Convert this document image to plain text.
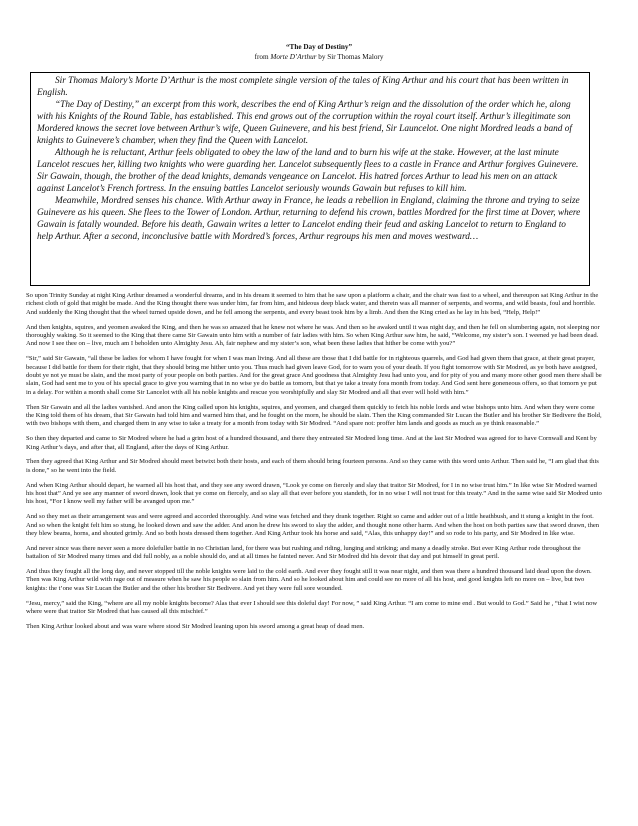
“The Day of Destiny”
from Morte D’Arthur by Sir Thomas Malory

Sir Thomas Malory’s Morte D’Arthur is the most complete single version of the tales of King Arthur and his court that has been written in English.

“The Day of Destiny,” an excerpt from this work, describes the end of King Arthur’s reign and the dissolution of the order which he, along with his Knights of the Round Table, has established. This end grows out of the corruption within the royal court itself. Arthur’s illegitimate son Mordered knows the secret love between Arthur’s wife, Queen Guinevere, and his best friend, Sir Launcelot. One night Mordred leads a band of knights to Guinevere’s chamber, when they find the Queen with Lancelot.

Although he is reluctant, Arthur feels obligated to obey the law of the land and to burn his wife at the stake. However, at the last minute Lancelot rescues her, killing two knights who were guarding her. Lancelot subsequently flees to a castle in France and Arthur forgives Guinevere. Sir Gawain, though, the brother of the dead knights, demands vengeance on Lancelot. His hatred forces Arthur to lead his men on an attack against Lancelot’s French fortress. In the ensuing battles Lancelot seriously wounds Gawain but refuses to kill him.

Meanwhile, Mordred senses his chance. With Arthur away in France, he leads a rebellion in England, claiming the throne and trying to seize Guinevere as his queen. She flees to the Tower of London. Arthur, returning to defend his crown, battles Mordred for the first time at Dover, where Gawain is fatally wounded. Before his death, Gawain writes a letter to Lancelot ending their feud and asking Lancelot to return to England to help Arthur. After a second, inconclusive battle with Mordred’s forces, Arthur regroups his men and moves westward…

So upon Trinity Sunday at night King Arthur dreamed a wonderful dreams, and in his dream it seemed to him that he saw upon a platform a chair, and the chair was fast to a wheel, and thereupon sat King Arthur in the richest cloth of gold that might be made. And the King thought there was under him, far from him, and hideous deep black water, and therein was all manner of serpents, and worms, and wild beasts, foul and horrible. And suddenly the King thought that the wheel turned upside down, and he fell among the serpents, and every beast took him by a limb. And then the King cried as he lay in his bed, “Help, Help!”

And then knights, squires, and yeomen awaked the King, and then he was so amazed that he knew not where he was. And then so he awaked until it was night day, and then he fell on slumbering again, not sleeping nor thoroughly waking. So it seemed to the King that there came Sir Gawain unto him with a number of fair ladies with him. So when King Arthur saw him, he said, “Welcome, my sister’s son. I weened ye had been dead. And now I see thee on – live, much am I beholden unto Almighty Jesu. Ah, fair nephew and my sister’s son, what been these ladies that hither be come with you?”

“Sir,” said Sir Gawain, “all these be ladies for whom I have fought for when I was man living. And all these are those that I did battle for in righteous quarrels, and God had given them that grace, at their great prayer, because I did battle for them for their right, that they should bring me hither unto you. Thus much had given leave God, for to warn you of your death. If you fight tomorrow with Sir Modred, as ye both have assigned, doubt ye not ye must be slain, and the most party of your people on both parties. And for the great grace And goodness that Almighty Jesu had unto you, and for pity of you and many more other good men there shall be slain, God had sent me to you of his special grace to give you warning that in no wise ye do battle as tomorn, but that ye take a treaty fora month from today. And God sent here goneneous offers, so that tomorn ye put in a delay. For within a month shall come Sir Lancelot with all his noble knights and rescue you worshipfully and slay Sir Modred and all that ever will hold with him.”

Then Sir Gawain and all the ladies vanished. And anon the King called upon his knights, squires, and yeomen, and charged them quickly to fetch his noble lords and wise bishops unto him. And when they were come the King told them of his dream, that Sir Gawain had told him and warned him that, and he fought on the morn, he should be slain. Then the King commanded Sir Lucan the Butler and his brother Sir Bedivere the Bold, with two bishops with them, and charged them in any wise to take a treaty for a month from today with Sir Modred. “And spare not: proffer him lands and goods as much as ye think reasonable.”

So then they departed and came to Sir Modred where he had a grim host of a hundred thousand, and there they entreated Sir Modred long time. And at the last Sir Modred was agreed for to have Cornwall and Kent by King Arthur’s days, and after that, all England, after the days of King Arthur.

Then they agreed that King Arthur and Sir Modred should meet betwixt both their hosts, and each of them should bring fourteen persons. And so they came with this word unto Arthur. Then said he, “I am glad that this is done,” so he went into the field.

And when King Arthur should depart, he warned all his host that, and they see any sword drawn, “Look ye come on fiercely and slay that traitor Sir Modred, for I in no wise trust him.” In like wise Sir Modred warned his host that” And ye see any manner of sword drawn, look that ye come on fiercely, and so slay all that ever before you standeth, for in no wise I will not trust for this treaty.” And in the same wise said Sir Modred unto his host, “For I know well my father will be avanged upon me.”

And so they met as their arrangement was and were agreed and accorded thoroughly. And wine was fetched and they drank together. Right so came and adder out of a little heathbush, and it stung a knight in the foot. And so when the knight felt him so stung, he looked down and saw the adder. And anon he drew his sword to slay the adder, and thought none other harm. And when the host on both parties saw that sword drawn, then they blew beams, horns, and shouted grimly. And so both hosts dressed them together. And King Arthur took his horse and said, “Alas, this unhappy day!” and so rode to his party, and Sir Modred in like wise.

And never since was there never seen a more dolefuller battle in no Christian land, for there was but rushing and riding, lunging and striking; and many a deadly stroke. But ever King Arthur rode throughout the battalion of Sir Modred many times and did full nobly, as a noble should do, and at all times he fainted never. And Sir Modred did his devoir that day and put himself in great peril.

And thus they fought all the long day, and never stopped till the noble knights were laid to the cold earth. And ever they fought still it was near night, and then was there a hundred thousand laid dead upon the down. Then was King Arthur wild with rage out of measure when he saw his people so slain from him. And so he looked about him and could see no more of all his host, and good knights left no more on – live, but two knights: the t’one was Sir Lucan the Butler and the other his brother Sir Bedivere. And yet they were full sore wounded.

“Jesu, mercy,” said the King, “where are all my noble knights become? Alas that ever I should see this doleful day! For now, ” said King Arthur. “I am come to mine end . But would to God.” Said he , “that I wist now where were that traitor Sir Modred that has caused all this mischief.”

Then King Arthur looked about and was ware where stood Sir Modred leaning upon his sword among a great heap of dead men.
